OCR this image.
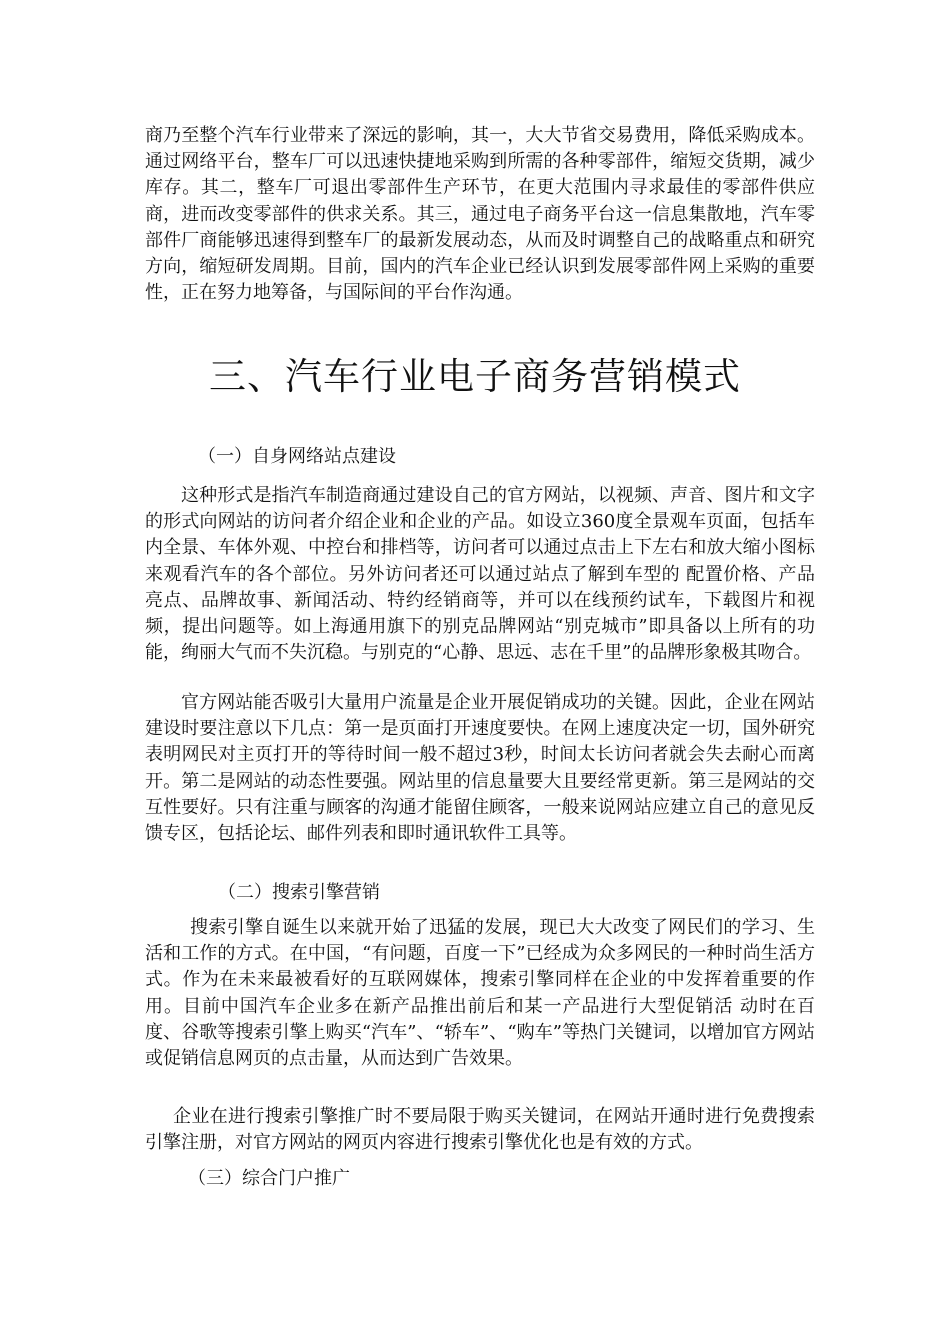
商乃至整个汽车行业带来了深远的影响，其一，大大节省交易费用，降低采购成本。通过网络平台，整车厂可以迅速快捷地采购到所需的各种零部件，缩短交货期，减少库存。其二，整车厂可退出零部件生产环节，在更大范围内寻求最佳的零部件供应商，进而改变零部件的供求关系。其三，通过电子商务平台这一信息集散地，汽车零部件厂商能够迅速得到整车厂的最新发展动态，从而及时调整自己的战略重点和研究方向，缩短研发周期。目前，国内的汽车企业已经认识到发展零部件网上采购的重要性，正在努力地筹备，与国际间的平台作沟通。

三、汽车行业电子商务营销模式

（一）自身网络站点建设

这种形式是指汽车制造商通过建设自己的官方网站，以视频、声音、图片和文字的形式向网站的访问者介绍企业和企业的产品。如设立360度全景观车页面，包括车内全景、车体外观、中控台和排档等，访问者可以通过点击上下左右和放大缩小图标来观看汽车的各个部位。另外访问者还可以通过站点了解到车型的 配置价格、产品亮点、品牌故事、新闻活动、特约经销商等，并可以在线预约试车，下载图片和视频，提出问题等。如上海通用旗下的别克品牌网站“别克城市”即具备以上所有的功能，绚丽大气而不失沉稳。与别克的“心静、思远、志在千里”的品牌形象极其吻合。

官方网站能否吸引大量用户流量是企业开展促销成功的关键。因此，企业在网站建设时要注意以下几点：第一是页面打开速度要快。在网上速度决定一切，国外研究表明网民对主页打开的等待时间一般不超过3秒，时间太长访问者就会失去耐心而离开。第二是网站的动态性要强。网站里的信息量要大且要经常更新。第三是网站的交互性要好。只有注重与顾客的沟通才能留住顾客，一般来说网站应建立自己的意见反馈专区，包括论坛、邮件列表和即时通讯软件工具等。

（二）搜索引擎营销

搜索引擎自诞生以来就开始了迅猛的发展，现已大大改变了网民们的学习、生活和工作的方式。在中国，“有问题，百度一下”已经成为众多网民的一种时尚生活方式。作为在未来最被看好的互联网媒体，搜索引擎同样在企业的中发挥着重要的作用。目前中国汽车企业多在新产品推出前后和某一产品进行大型促销活 动时在百度、谷歌等搜索引擎上购买“汽车”、“轿车”、“购车”等热门关键词，以增加官方网站或促销信息网页的点击量，从而达到广告效果。

企业在进行搜索引擎推广时不要局限于购买关键词，在网站开通时进行免费搜索引擎注册，对官方网站的网页内容进行搜索引擎优化也是有效的方式。

（三）综合门户推广
